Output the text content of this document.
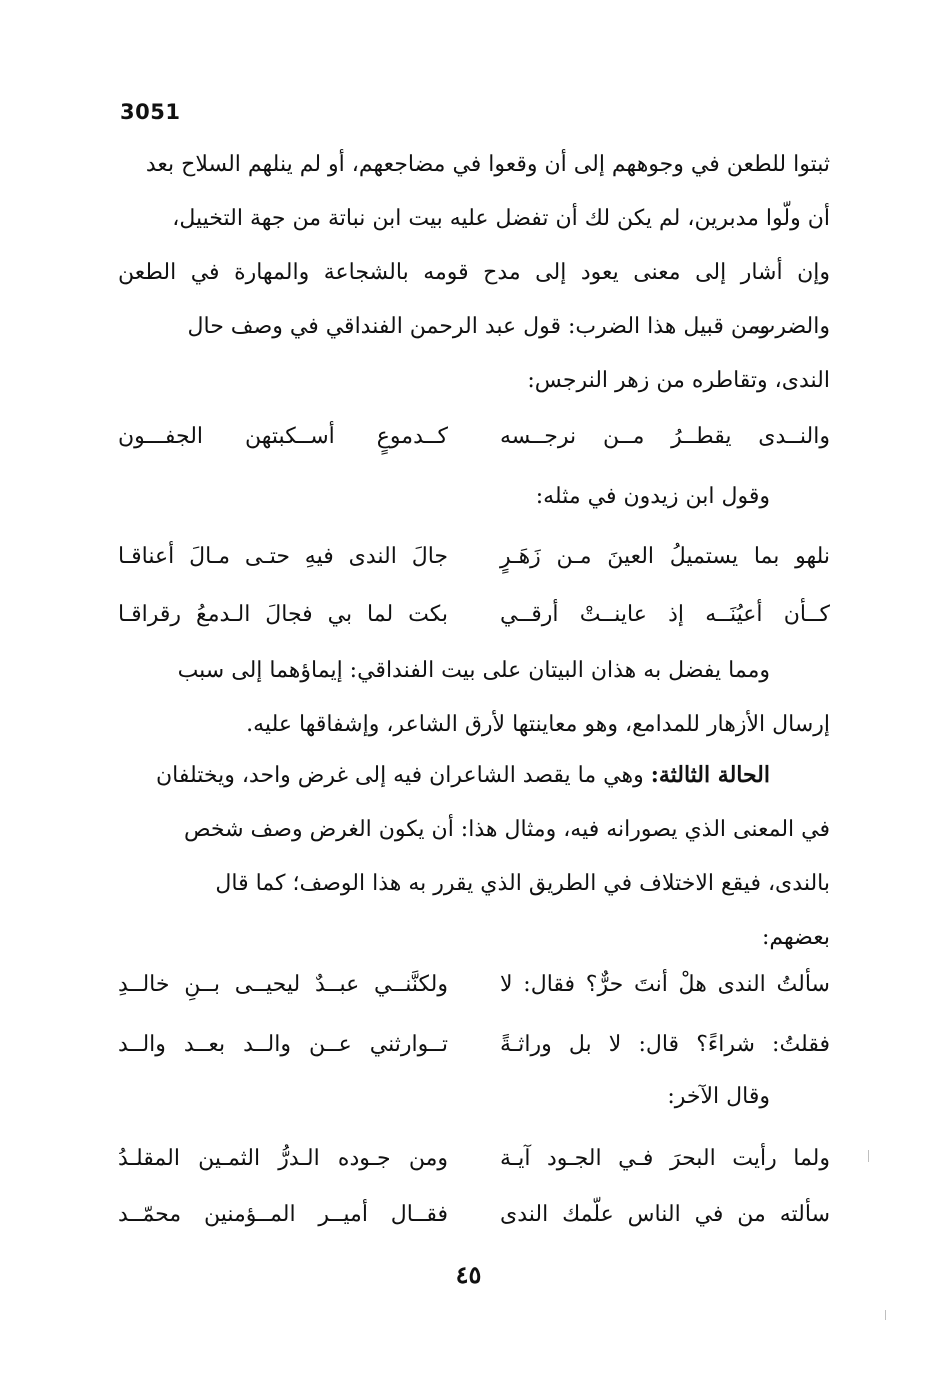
3051

ثبتوا للطعن في وجوههم إلى أن وقعوا في مضاجعهم، أو لم ينلهم السلاح بعد

أن ولّوا مدبرين، لم يكن لك أن تفضل عليه بيت ابن نباتة من جهة التخييل،

وإن أشار إلى معنى يعود إلى مدح قومه بالشجاعة والمهارة في الطعن والضرب.

ومن قبيل هذا الضرب: قول عبد الرحمن الفنداقي في وصف حال

الندى، وتقاطره من زهر النرجس:

والنــدى يقطــرُ مــن نرجــسه
كــدموعٍ أســكبتهن الجفـــون

وقول ابن زيدون في مثله:

نلهو بما يستميلُ العينَ مـن زَهَـرٍ
جالَ الندى فيهِ حتـى مـالَ أعناقـا
كــأن أعيُنَــه إذ عاينــتْ أرقــي
بكت لما بي فجالَ الـدمعُ رقراقـا

ومما يفضل به هذان البيتان على بيت الفنداقي: إيماؤهما إلى سبب

إرسال الأزهار للمدامع، وهو معاينتها لأرق الشاعر، وإشفاقها عليه.

الحالة الثالثة: وهي ما يقصد الشاعران فيه إلى غرض واحد، ويختلفان

في المعنى الذي يصورانه فيه، ومثال هذا: أن يكون الغرض وصف شخص

بالندى، فيقع الاختلاف في الطريق الذي يقرر به هذا الوصف؛ كما قال

بعضهم:

سألتُ الندى هلْ أنتَ حرٌّ؟ فقال: لا
ولكنَّنــي عبــدٌ ليحيــى بــنِ خالــدِ
فقلتُ: شراءً؟ قال: لا بل وراثـةً
تــوارثني عــن والــد بعــد والــد

وقال الآخر:

ولما رأيت البحرَ فـي الجـود آيـة
ومن جـوده الـدرُّ الثمـين المقلـدُ
سألته من في الناس علّمك الندى
فقــال أميــر المــؤمنين محمّــد
٤٥
